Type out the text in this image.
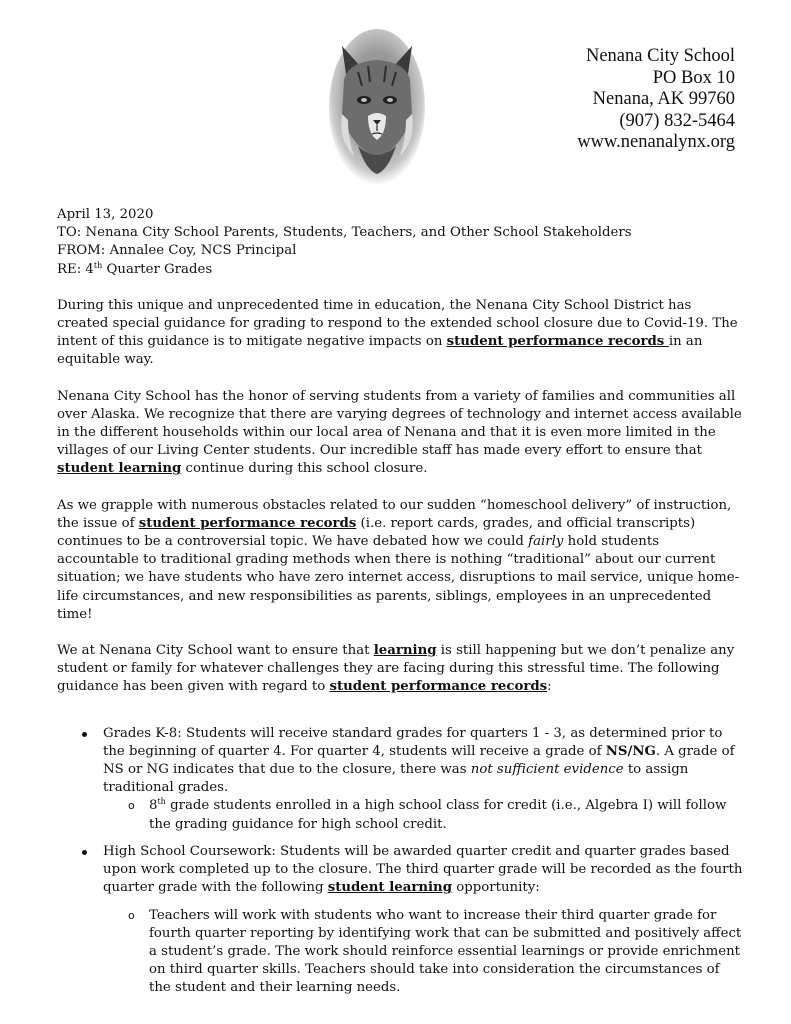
Nenana City School
PO Box 10
Nenana, AK 99760
(907) 832-5464
www.nenanalynx.org
April 13, 2020
TO: Nenana City School Parents, Students, Teachers, and Other School Stakeholders
FROM: Annalee Coy, NCS Principal
RE: 4th Quarter Grades

During this unique and unprecedented time in education, the Nenana City School District has created special guidance for grading to respond to the extended school closure due to Covid-19. The intent of this guidance is to mitigate negative impacts on student performance records in an equitable way.

Nenana City School has the honor of serving students from a variety of families and communities all over Alaska. We recognize that there are varying degrees of technology and internet access available in the different households within our local area of Nenana and that it is even more limited in the villages of our Living Center students. Our incredible staff has made every effort to ensure that student learning continue during this school closure.

As we grapple with numerous obstacles related to our sudden “homeschool delivery” of instruction, the issue of student performance records (i.e. report cards, grades, and official transcripts) continues to be a controversial topic. We have debated how we could fairly hold students accountable to traditional grading methods when there is nothing “traditional” about our current situation; we have students who have zero internet access, disruptions to mail service, unique home-life circumstances, and new responsibilities as parents, siblings, employees in an unprecedented time!

We at Nenana City School want to ensure that learning is still happening but we don’t penalize any student or family for whatever challenges they are facing during this stressful time. The following guidance has been given with regard to student performance records:

Grades K-8: Students will receive standard grades for quarters 1 - 3, as determined prior to the beginning of quarter 4. For quarter 4, students will receive a grade of NS/NG. A grade of NS or NG indicates that due to the closure, there was not sufficient evidence to assign traditional grades.
o 8th grade students enrolled in a high school class for credit (i.e., Algebra I) will follow the grading guidance for high school credit.
High School Coursework: Students will be awarded quarter credit and quarter grades based upon work completed up to the closure. The third quarter grade will be recorded as the fourth quarter grade with the following student learning opportunity:
o Teachers will work with students who want to increase their third quarter grade for fourth quarter reporting by identifying work that can be submitted and positively affect a student’s grade. The work should reinforce essential learnings or provide enrichment on third quarter skills. Teachers should take into consideration the circumstances of the student and their learning needs.
